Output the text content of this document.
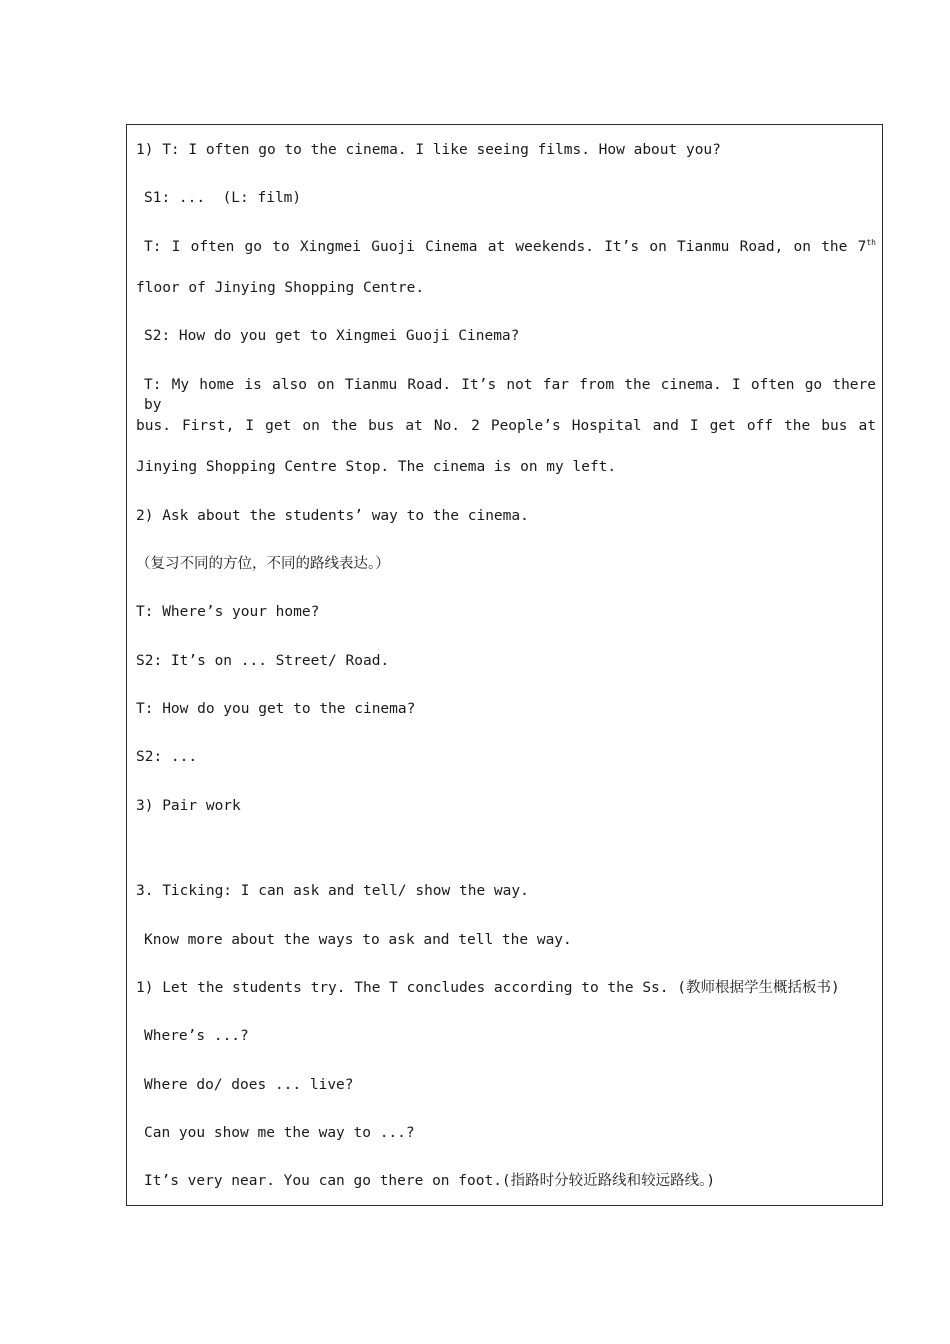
1) T: I often go to the cinema. I like seeing films. How about you?
S1: ...  (L: film)
T: I often go to Xingmei Guoji Cinema at weekends. It’s on Tianmu Road, on the 7th
floor of Jinying Shopping Centre.
S2: How do you get to Xingmei Guoji Cinema?
T: My home is also on Tianmu Road. It’s not far from the cinema. I often go there by
bus. First, I get on the bus at No. 2 People’s Hospital and I get off the bus at
Jinying Shopping Centre Stop. The cinema is on my left.
2) Ask about the students’ way to the cinema.
（复习不同的方位，不同的路线表达。）
T: Where’s your home?
S2: It’s on ... Street/ Road.
T: How do you get to the cinema?
S2: ...
3) Pair work
3. Ticking: I can ask and tell/ show the way.
Know more about the ways to ask and tell the way.
1) Let the students try. The T concludes according to the Ss. (教师根据学生概括板书)
Where’s ...?
Where do/ does ... live?
Can you show me the way to ...?
It’s very near. You can go there on foot.(指路时分较近路线和较远路线。)
